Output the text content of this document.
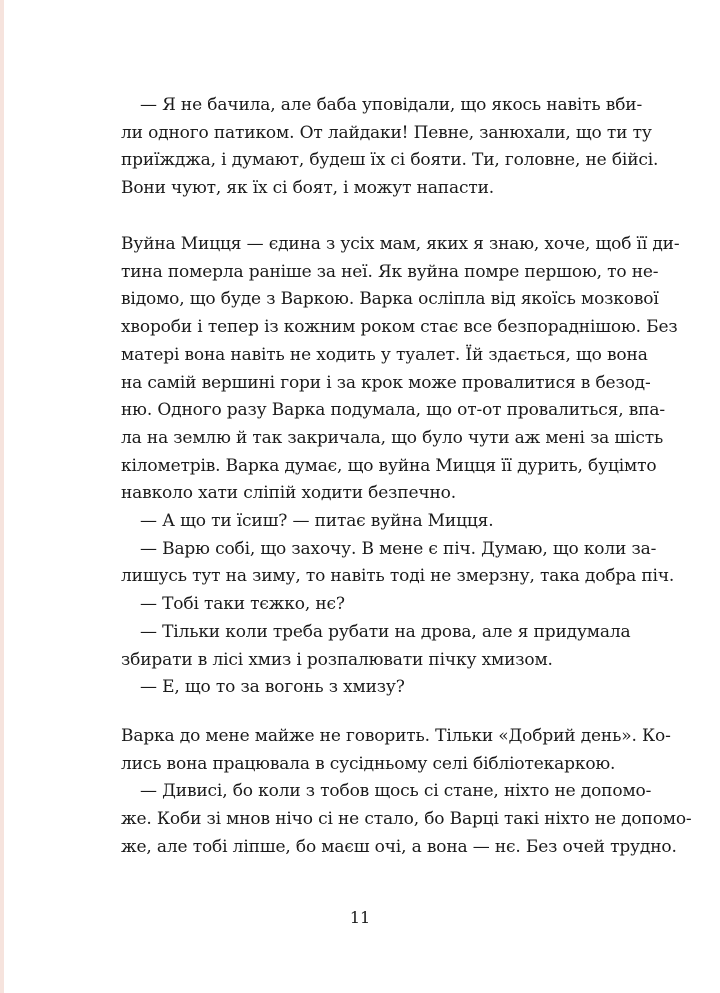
— Я не бачила, але баба уповідали, що якось навіть вби-
ли одного патиком. От лайдаки! Певне, занюхали, що ти ту
приїжджа, і думают, будеш їх сі бояти. Ти, головне, не бійсі.
Вони чуют, як їх сі боят, і можут напасти.
Вуйна Мицця — єдина з усіх мам, яких я знаю, хоче, щоб її ди-
тина померла раніше за неї. Як вуйна помре першою, то не-
відомо, що буде з Варкою. Варка осліпла від якоїсь мозкової
хвороби і тепер із кожним роком стає все безпораднішою. Без
матері вона навіть не ходить у туалет. Їй здається, що вона
на самій вершині гори і за крок може провалитися в безод-
ню. Одного разу Варка подумала, що от-от провалиться, впа-
ла на землю й так закричала, що було чути аж мені за шість
кілометрів. Варка думає, що вуйна Мицця її дурить, буцімто
навколо хати сліпій ходити безпечно.
— А що ти їсиш? — питає вуйна Мицця.
— Варю собі, що захочу. В мене є піч. Думаю, що коли за-
лишусь тут на зиму, то навіть тоді не змерзну, така добра піч.
— Тобі таки тєжко, нє?
— Тільки коли треба рубати на дрова, але я придумала
збирати в лісі хмиз і розпалювати пічку хмизом.
— Е, що то за вогонь з хмизу?
Варка до мене майже не говорить. Тільки «Добрий день». Ко-
лись вона працювала в сусідньому селі бібліотекаркою.
— Дивисі, бо коли з тобов щось сі стане, ніхто не допомо-
же. Коби зі мнов нічо сі не стало, бо Варці такі ніхто не допомо-
же, але тобі ліпше, бо маєш очі, а вона — нє. Без очей трудно.
11
